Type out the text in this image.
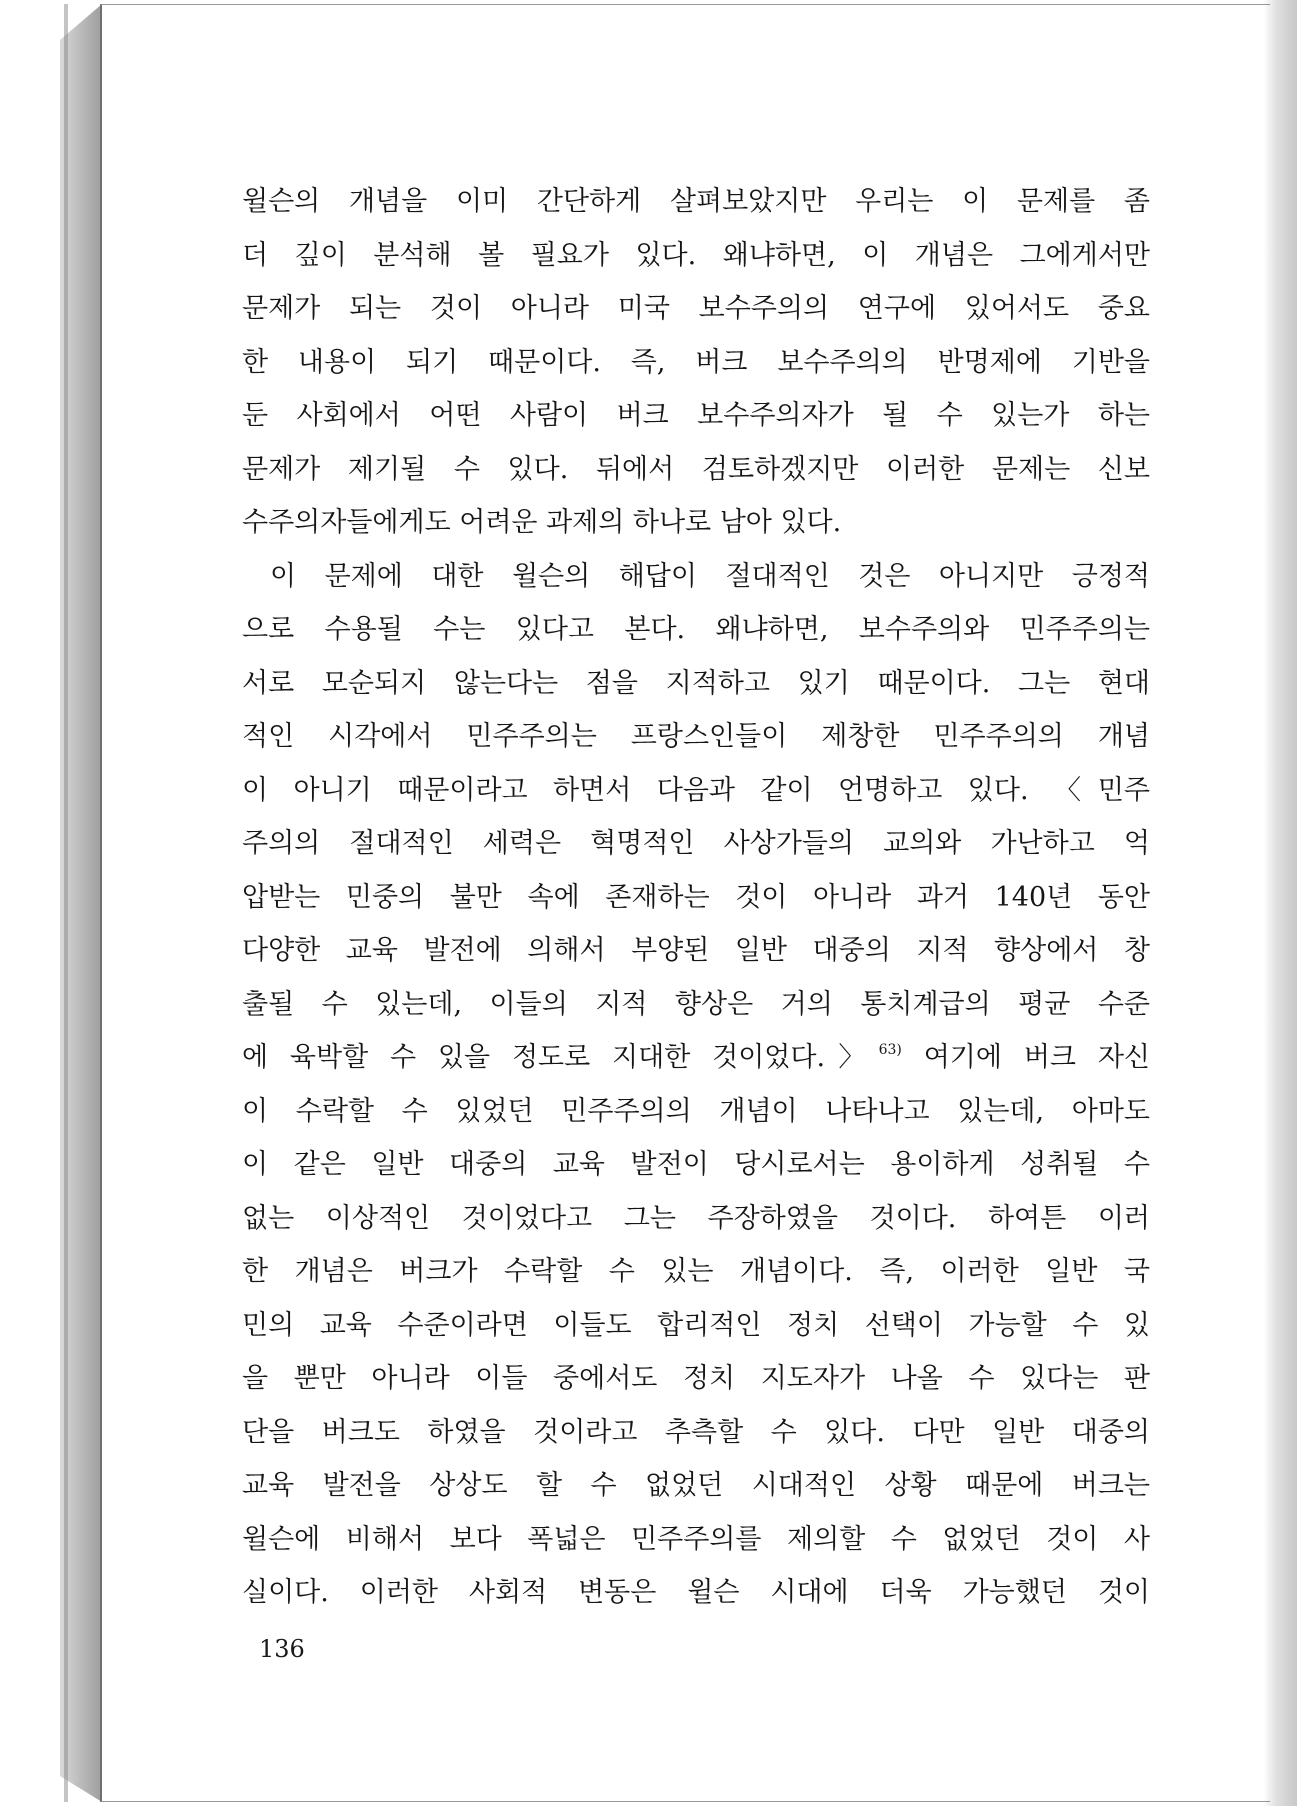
윌슨의 개념을 이미 간단하게 살펴보았지만 우리는 이 문제를 좀
더 깊이 분석해 볼 필요가 있다. 왜냐하면, 이 개념은 그에게서만
문제가 되는 것이 아니라 미국 보수주의의 연구에 있어서도 중요
한 내용이 되기 때문이다. 즉, 버크 보수주의의 반명제에 기반을
둔 사회에서 어떤 사람이 버크 보수주의자가 될 수 있는가 하는
문제가 제기될 수 있다. 뒤에서 검토하겠지만 이러한 문제는 신보
수주의자들에게도 어려운 과제의 하나로 남아 있다.
이 문제에 대한 윌슨의 해답이 절대적인 것은 아니지만 긍정적
으로 수용될 수는 있다고 본다. 왜냐하면, 보수주의와 민주주의는
서로 모순되지 않는다는 점을 지적하고 있기 때문이다. 그는 현대
적인 시각에서 민주주의는 프랑스인들이 제창한 민주주의의 개념
이 아니기 때문이라고 하면서 다음과 같이 언명하고 있다. 〈민주
주의의 절대적인 세력은 혁명적인 사상가들의 교의와 가난하고 억
압받는 민중의 불만 속에 존재하는 것이 아니라 과거 140년 동안
다양한 교육 발전에 의해서 부양된 일반 대중의 지적 향상에서 창
출될 수 있는데, 이들의 지적 향상은 거의 통치계급의 평균 수준
에 육박할 수 있을 정도로 지대한 것이었다.〉$^{63)}$ 여기에 버크 자신
이 수락할 수 있었던 민주주의의 개념이 나타나고 있는데, 아마도
이 같은 일반 대중의 교육 발전이 당시로서는 용이하게 성취될 수
없는 이상적인 것이었다고 그는 주장하였을 것이다. 하여튼 이러
한 개념은 버크가 수락할 수 있는 개념이다. 즉, 이러한 일반 국
민의 교육 수준이라면 이들도 합리적인 정치 선택이 가능할 수 있
을 뿐만 아니라 이들 중에서도 정치 지도자가 나올 수 있다는 판
단을 버크도 하였을 것이라고 추측할 수 있다. 다만 일반 대중의
교육 발전을 상상도 할 수 없었던 시대적인 상황 때문에 버크는
윌슨에 비해서 보다 폭넓은 민주주의를 제의할 수 없었던 것이 사
실이다. 이러한 사회적 변동은 윌슨 시대에 더욱 가능했던 것이
136
